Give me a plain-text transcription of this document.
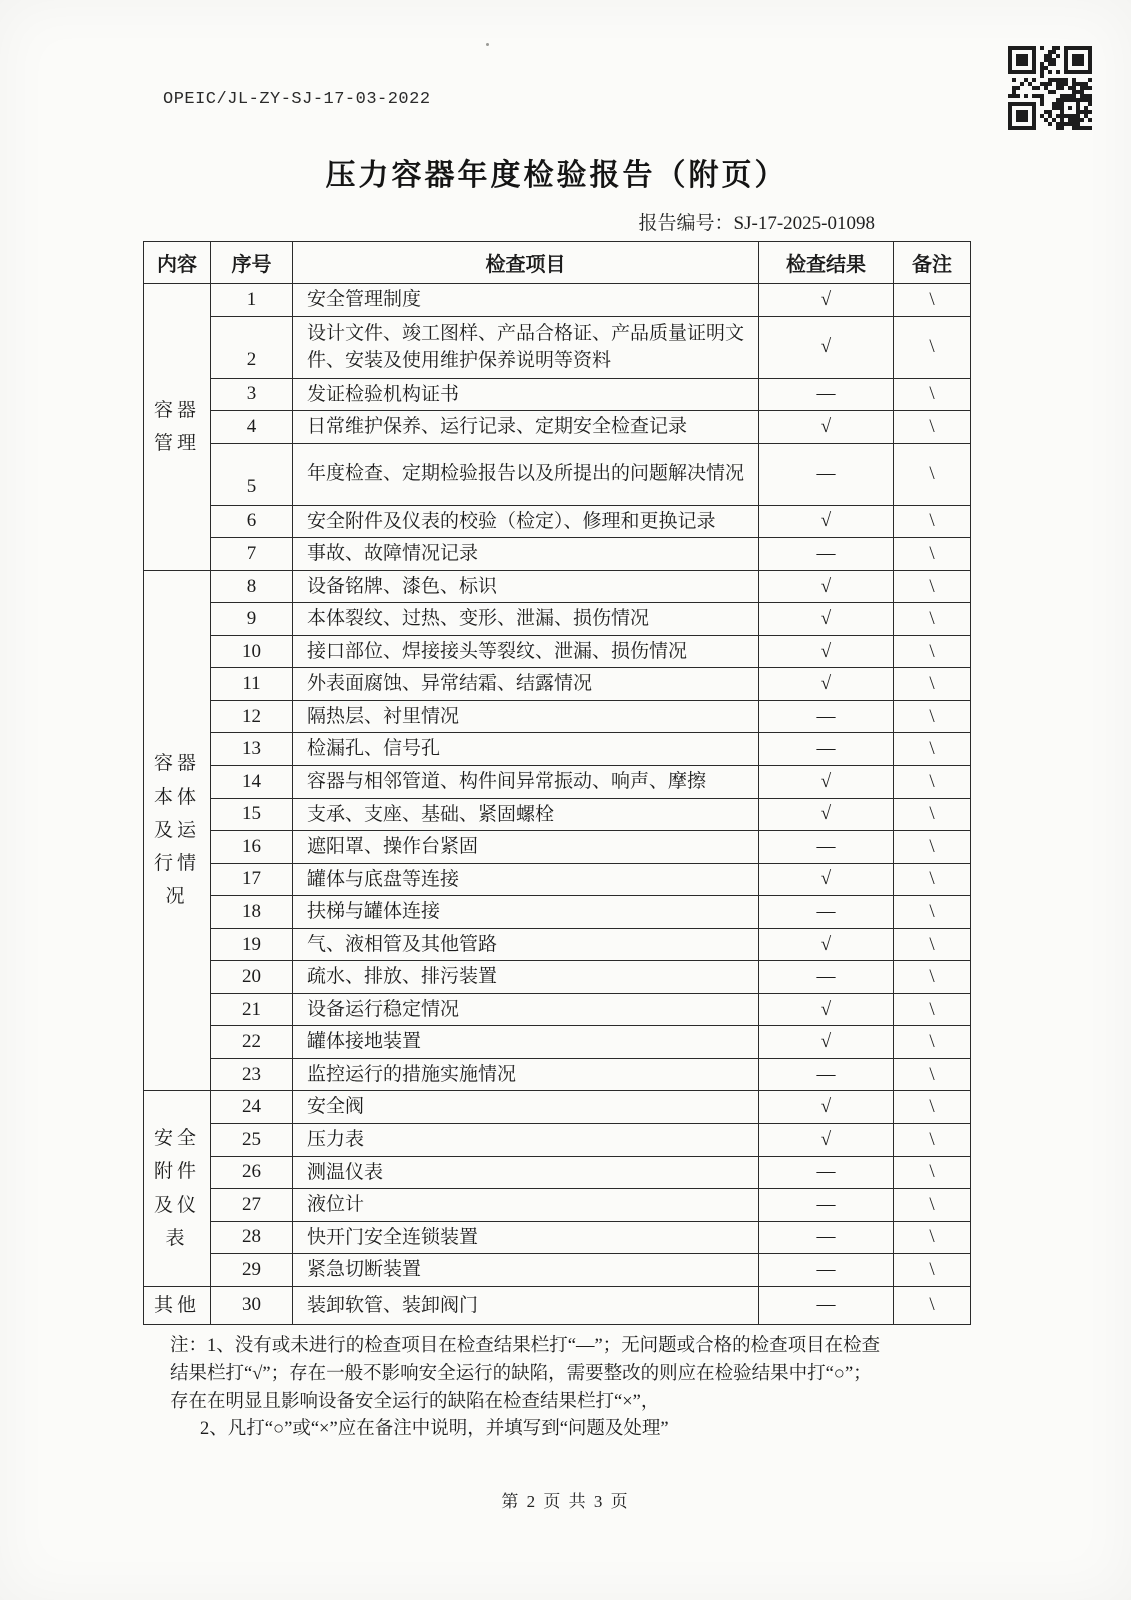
OPEIC/JL-ZY-SJ-17-03-2022
压力容器年度检验报告（附页）
报告编号：SJ-17-2025-01098
内容	序号	检查项目	检查结果	备注

容器
管理	1	安全管理制度	√	\
	2	设计文件、竣工图样、产品合格证、产品质量证明文件、安装及使用维护保养说明等资料	√	\
	3	发证检验机构证书	—	\
	4	日常维护保养、运行记录、定期安全检查记录	√	\
	5	年度检查、定期检验报告以及所提出的问题解决情况	—	\
	6	安全附件及仪表的校验（检定）、修理和更换记录	√	\
	7	事故、故障情况记录	—	\

容器
本体
及运
行情
况	8	设备铭牌、漆色、标识	√	\
	9	本体裂纹、过热、变形、泄漏、损伤情况	√	\
	10	接口部位、焊接接头等裂纹、泄漏、损伤情况	√	\
	11	外表面腐蚀、异常结霜、结露情况	√	\
	12	隔热层、衬里情况	—	\
	13	检漏孔、信号孔	—	\
	14	容器与相邻管道、构件间异常振动、响声、摩擦	√	\
	15	支承、支座、基础、紧固螺栓	√	\
	16	遮阳罩、操作台紧固	—	\
	17	罐体与底盘等连接	√	\
	18	扶梯与罐体连接	—	\
	19	气、液相管及其他管路	√	\
	20	疏水、排放、排污装置	—	\
	21	设备运行稳定情况	√	\
	22	罐体接地装置	√	\
	23	监控运行的措施实施情况	—	\

安全
附件
及仪
表	24	安全阀	√	\
	25	压力表	√	\
	26	测温仪表	—	\
	27	液位计	—	\
	28	快开门安全连锁装置	—	\
	29	紧急切断装置	—	\

其他	30	装卸软管、装卸阀门	—	\
注：1、没有或未进行的检查项目在检查结果栏打“—”；无问题或合格的检查项目在检查
结果栏打“√”；存在一般不影响安全运行的缺陷，需要整改的则应在检验结果中打“○”；
存在在明显且影响设备安全运行的缺陷在检查结果栏打“×”，
2、凡打“○”或“×”应在备注中说明，并填写到“问题及处理”
第 2 页 共 3 页
